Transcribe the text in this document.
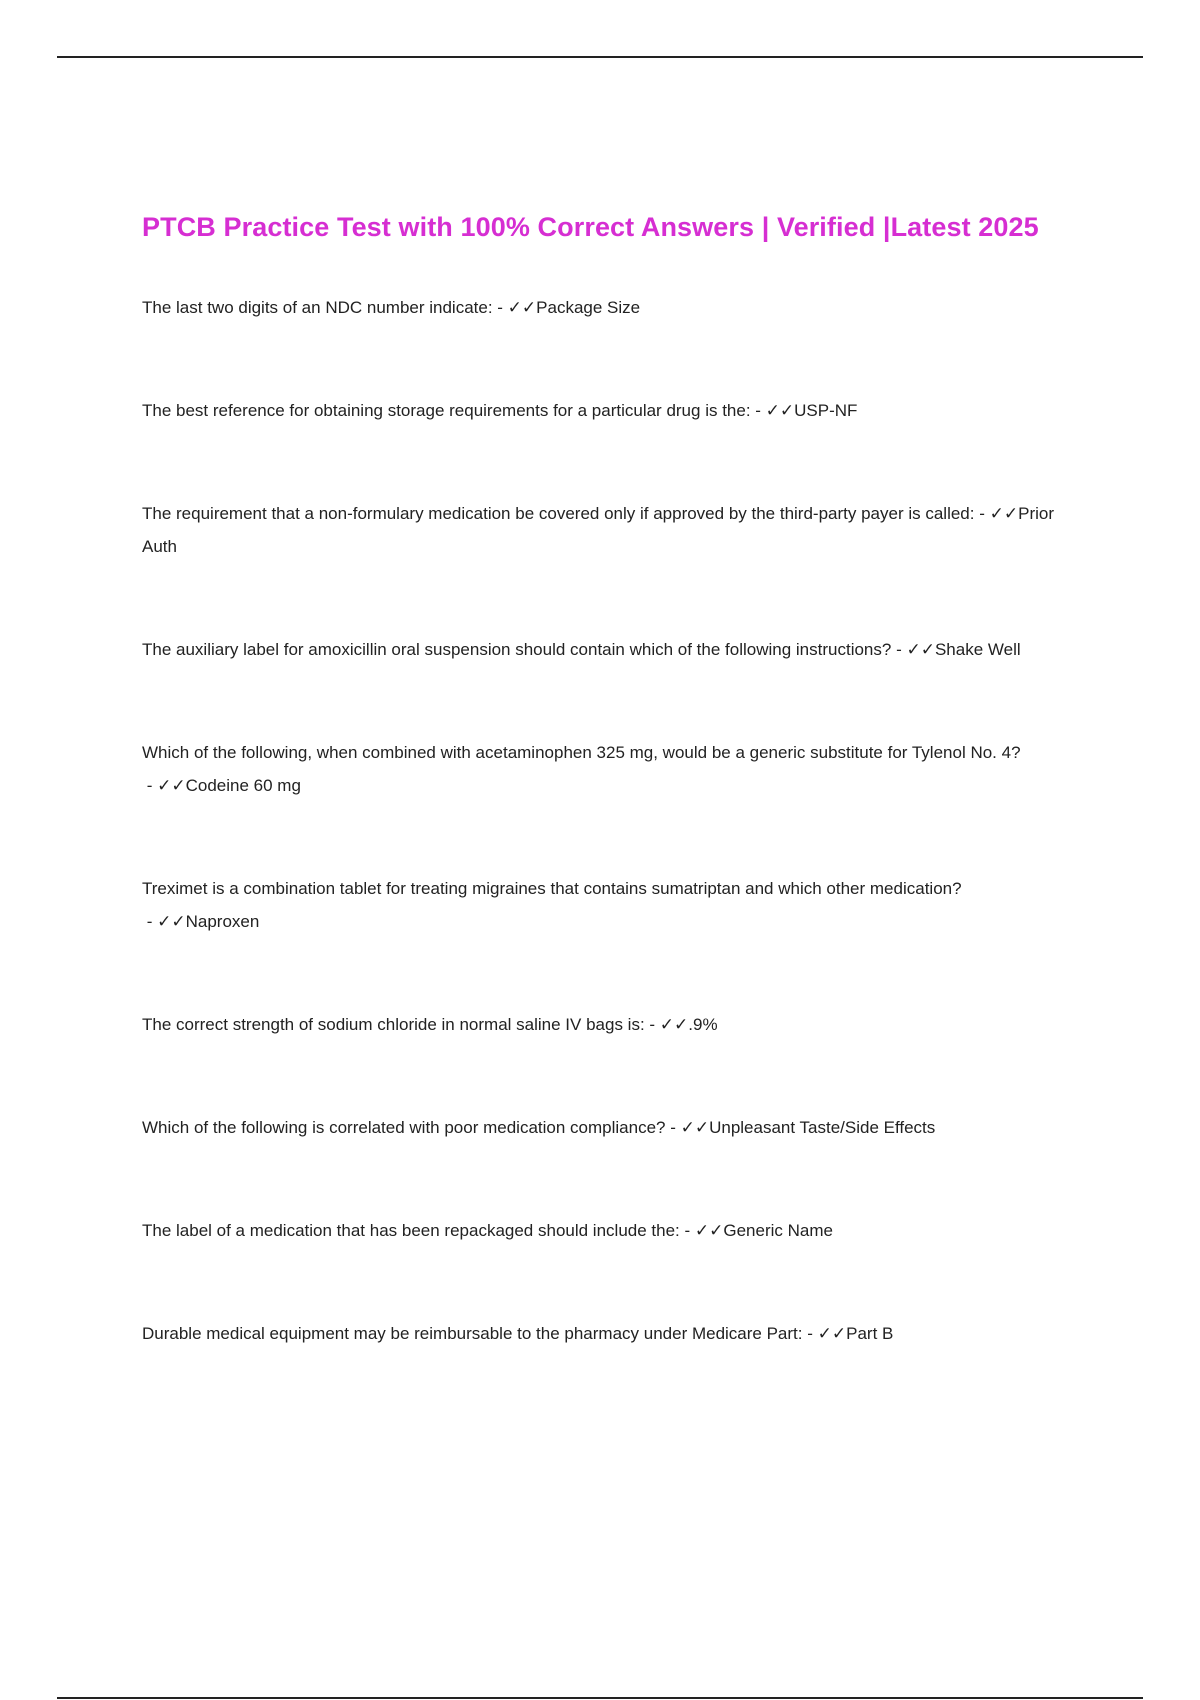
PTCB Practice Test with 100% Correct Answers | Verified |Latest 2025
The last two digits of an NDC number indicate: - ✓✓Package Size
The best reference for obtaining storage requirements for a particular drug is the: - ✓✓USP-NF
The requirement that a non-formulary medication be covered only if approved by the third-party payer is called: - ✓✓Prior Auth
The auxiliary label for amoxicillin oral suspension should contain which of the following instructions? - ✓✓Shake Well
Which of the following, when combined with acetaminophen 325 mg, would be a generic substitute for Tylenol No. 4? - ✓✓Codeine 60 mg
Treximet is a combination tablet for treating migraines that contains sumatriptan and which other medication? - ✓✓Naproxen
The correct strength of sodium chloride in normal saline IV bags is: - ✓✓.9%
Which of the following is correlated with poor medication compliance? - ✓✓Unpleasant Taste/Side Effects
The label of a medication that has been repackaged should include the: - ✓✓Generic Name
Durable medical equipment may be reimbursable to the pharmacy under Medicare Part: - ✓✓Part B
